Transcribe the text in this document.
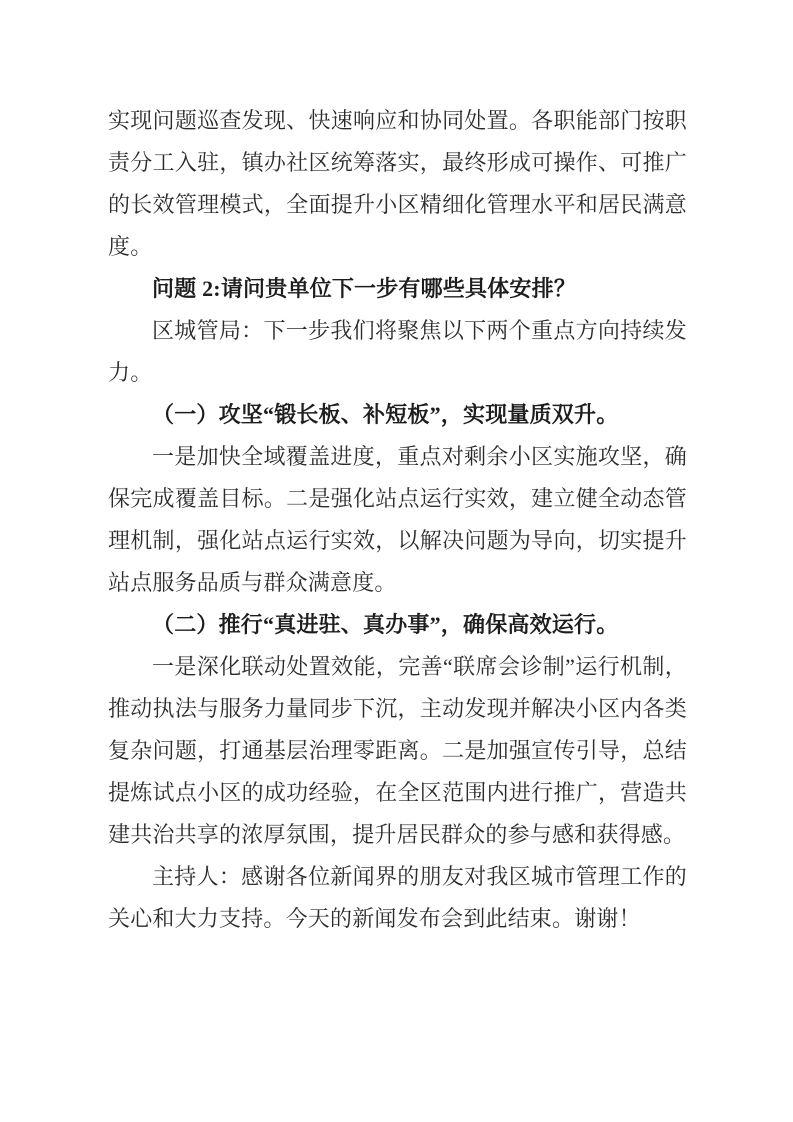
实现问题巡查发现、快速响应和协同处置。各职能部门按职责分工入驻，镇办社区统筹落实，最终形成可操作、可推广的长效管理模式，全面提升小区精细化管理水平和居民满意度。

问题 2:请问贵单位下一步有哪些具体安排？

区城管局：下一步我们将聚焦以下两个重点方向持续发力。

（一）攻坚“锻长板、补短板”，实现量质双升。

一是加快全域覆盖进度，重点对剩余小区实施攻坚，确保完成覆盖目标。二是强化站点运行实效，建立健全动态管理机制，强化站点运行实效，以解决问题为导向，切实提升站点服务品质与群众满意度。

（二）推行“真进驻、真办事”，确保高效运行。

一是深化联动处置效能，完善“联席会诊制”运行机制，推动执法与服务力量同步下沉，主动发现并解决小区内各类复杂问题，打通基层治理零距离。二是加强宣传引导，总结提炼试点小区的成功经验，在全区范围内进行推广，营造共建共治共享的浓厚氛围，提升居民群众的参与感和获得感。

主持人：感谢各位新闻界的朋友对我区城市管理工作的关心和大力支持。今天的新闻发布会到此结束。谢谢！
